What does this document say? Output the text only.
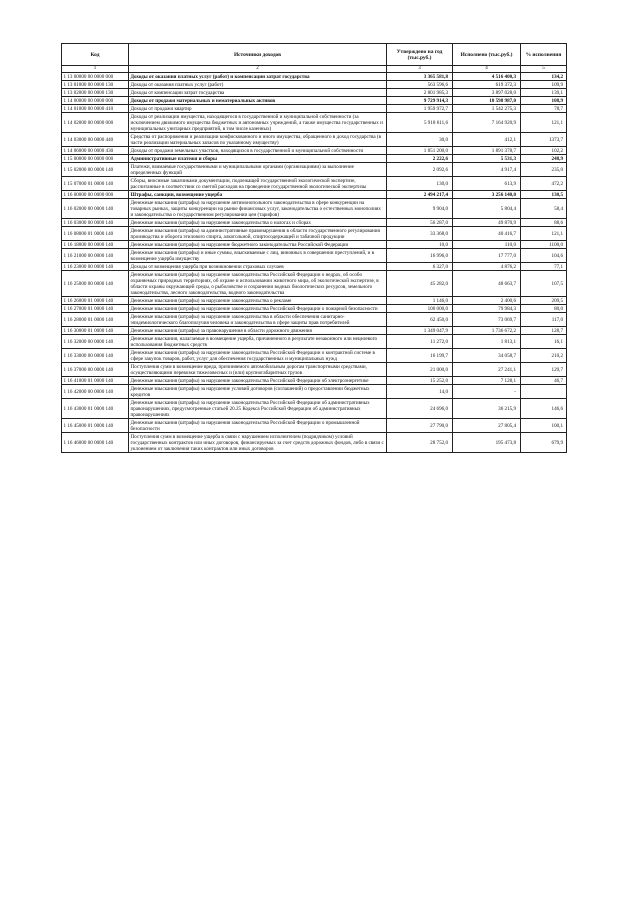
Код	Источники доходов	Утверждено на год (тыс.руб.)	Исполнено (тыс.руб.)	% исполнения
1	2	3	4	5
1 13 00000 00 0000 000	Доходы от оказания платных услуг (работ) и компенсации затрат государства	3 365 581,8	4 516 400,3	134,2
1 13 01000 00 0000 130	Доходы от оказания платных услуг (работ)	563 596,6	619 372,3	109,9
1 13 02000 00 0000 130	Доходы от компенсации затрат государства	2 801 985,3	3 897 028,0	139,1
1 14 00000 00 0000 000	Доходы от продажи материальных и нематериальных активов	9 729 914,3	10 598 987,0	108,9
1 14 01000 00 0000 410	Доходы от продажи квартир	1 959 972,7	1 542 275,3	78,7
1 14 02000 00 0000 000	Доходы от реализации имущества, находящегося в государственной и муниципальной собственности (за исключением движимого имущества бюджетных и автономных учреждений, а также имущества государственных и муниципальных унитарных предприятий, в том числе казенных)	5 918 611,6	7 164 920,9	121,1
1 14 03000 00 0000 440	Средства от распоряжения и реализации конфискованного и иного имущества, обращенного в доход государства (в части реализации материальных запасов по указанному имуществу)	30,0	412,1	1373,7
1 14 06000 00 0000 430	Доходы от продажи земельных участков, находящихся в государственной и муниципальной собственности	1 851 200,0	1 891 378,7	102,2
1 15 00000 00 0000 000	Административные платежи и сборы	2 222,6	5 531,3	248,9
1 15 02000 00 0000 140	Платежи, взимаемые государственными и муниципальными органами (организациями) за выполнение определенных функций	2 092,6	4 917,4	235,0
1 15 07000 01 0000 140	Сборы, вносимые заказчиками документации, подлежащей государственной экологической экспертизе, рассчитанные в соответствии со сметой расходов на проведение государственной экологической экспертизы	130,0	613,9	472,2
1 16 00000 00 0000 000	Штрафы, санкции, возмещение ущерба	2 494 217,4	3 256 140,0	130,5
1 16 02000 00 0000 140	Денежные взыскания (штрафы) за нарушение антимонопольного законодательства в сфере конкуренции на товарных рынках, защиты конкуренции на рынке финансовых услуг, законодательства о естественных монополиях и законодательства о государственном регулировании цен (тарифов)	9 904,0	5 804,4	58,4
1 16 03000 00 0000 140	Денежные взыскания (штрафы) за нарушение законодательства о налогах и сборах	56 287,0	49 870,9	88,6
1 16 08000 01 0000 140	Денежные взыскания (штрафы) за административные правонарушения в области государственного регулирования производства и оборота этилового спирта, алкогольной, спиртосодержащей и табачной продукции	33 368,0	40 416,7	121,1
1 16 18000 00 0000 140	Денежные взыскания (штрафы) за нарушение бюджетного законодательства Российской Федерации	10,0	110,0	1100,0
1 16 21000 00 0000 140	Денежные взыскания (штрафы) и иные суммы, взыскиваемые с лиц, виновных в совершении преступлений, и в возмещение ущерба имуществу	16 996,0	17 777,0	104,6
1 16 23000 00 0000 140	Доходы от возмещения ущерба при возникновении страховых случаев	6 327,0	4 876,2	77,1
1 16 25000 00 0000 140	Денежные взыскания (штрафы) за нарушение законодательства Российской Федерации о недрах, об особо охраняемых природных территориях, об охране и использовании животного мира, об экологической экспертизе, в области охраны окружающей среды, о рыболовстве и сохранении водных биологических ресурсов, земельного законодательства, лесного законодательства, водного законодательства	45 282,0	48 663,7	107,5
1 16 26000 01 0000 140	Денежные взыскания (штрафы) за нарушение законодательства о рекламе	1 146,0	2 400,6	209,5
1 16 27000 01 0000 140	Денежные взыскания (штрафы) за нарушение законодательства Российской Федерации о пожарной безопасности	100 000,0	79 984,3	80,0
1 16 28000 01 0000 140	Денежные взыскания (штрафы) за нарушение законодательства в области обеспечения санитарно-эпидемиологического благополучия человека и законодательства в сфере защиты прав потребителей	62 450,0	73 069,7	117,0
1 16 30000 01 0000 140	Денежные взыскания (штрафы) за правонарушения в области дорожного движения	1 349 047,9	1 736 672,2	128,7
1 16 32000 00 0000 140	Денежные взыскания, налагаемые в возмещение ущерба, причиненного в результате незаконного или нецелевого использования бюджетных средств	11 272,0	1 813,1	16,1
1 16 33000 00 0000 140	Денежные взыскания (штрафы) за нарушение законодательства Российской Федерации о контрактной системе в сфере закупок товаров, работ, услуг для обеспечения государственных и муниципальных нужд	16 199,7	34 058,7	210,2
1 16 37000 00 0000 140	Поступления сумм в возмещение вреда, причиняемого автомобильным дорогам транспортными средствами, осуществляющими перевозки тяжеловесных и (или) крупногабаритных грузов	21 000,0	27 241,1	129,7
1 16 41000 01 0000 140	Денежные взыскания (штрафы) за нарушение законодательства Российской Федерации об электроэнергетике	15 252,0	7 128,1	46,7
1 16 42000 00 0000 140	Денежные взыскания (штрафы) за нарушение условий договоров (соглашений) о предоставлении бюджетных кредитов	14,0	-	
1 16 43000 01 0000 140	Денежные взыскания (штрафы) за нарушение законодательства Российской Федерации об административных правонарушениях, предусмотренные статьей 20.25 Кодекса Российской Федерации об административных правонарушениях	24 696,0	36 215,9	146,6
1 16 45000 01 0000 140	Денежные взыскания (штрафы) за нарушения законодательства Российской Федерации о промышленной безопасности	27 790,0	27 805,4	100,1
1 16 46000 00 0000 140	Поступления сумм в возмещение ущерба в связи с нарушением исполнителем (подрядчиком) условий государственных контрактов или иных договоров, финансируемых за счет средств дорожных фондов, либо в связи с уклонением от заключения таких контрактов или иных договоров	28 752,0	195 473,8	679,9
